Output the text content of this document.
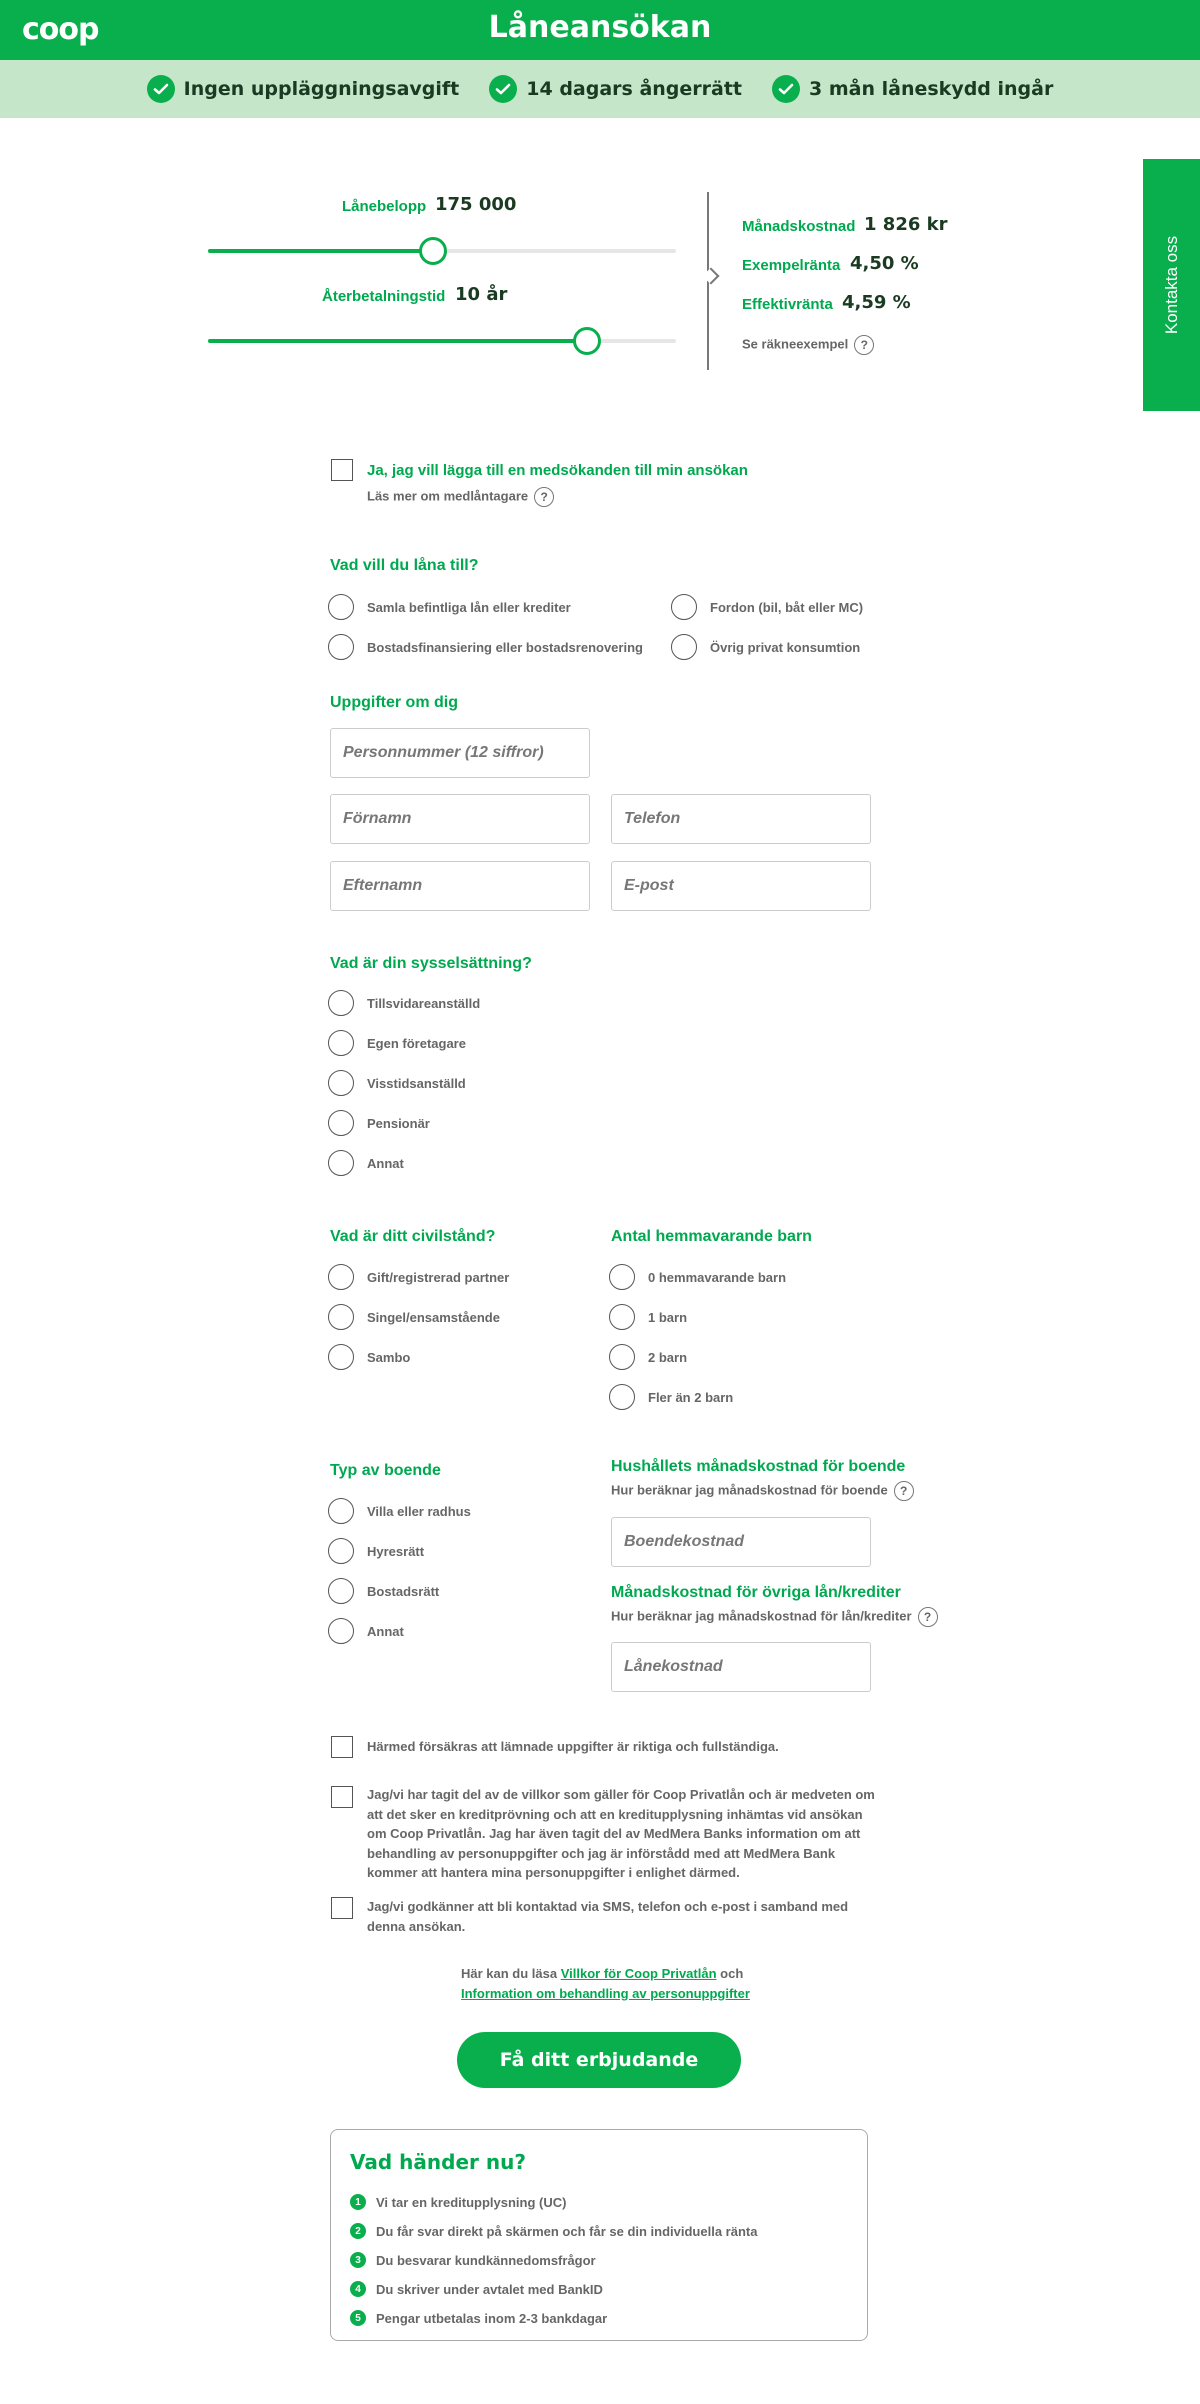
coop	Låneansökan
Ingen uppläggningsavgift	14 dagars ångerrätt	3 mån låneskydd ingår
Lånebelopp 175 000
Återbetalningstid 10 år
Månadskostnad 1 826 kr
Exempelränta 4,50 %
Effektivränta 4,59 %
Se räkneexempel ?
Kontakta oss
Ja, jag vill lägga till en medsökanden till min ansökan
Läs mer om medlåntagare ?
Vad vill du låna till?
Samla befintliga lån eller krediter	Fordon (bil, båt eller MC)
Bostadsfinansiering eller bostadsrenovering	Övrig privat konsumtion
Uppgifter om dig
Personnummer (12 siffror)
Förnamn
Telefon
Efternamn
E-post
Vad är din sysselsättning?
Tillsvidareanställd
Egen företagare
Visstidsanställd
Pensionär
Annat
Vad är ditt civilstånd?
Gift/registrerad partner
Singel/ensamstående
Sambo
Antal hemmavarande barn
0 hemmavarande barn
1 barn
2 barn
Fler än 2 barn
Typ av boende
Villa eller radhus
Hyresrätt
Bostadsrätt
Annat
Hushållets månadskostnad för boende
Hur beräknar jag månadskostnad för boende ?
Boendekostnad
Månadskostnad för övriga lån/krediter
Hur beräknar jag månadskostnad för lån/krediter ?
Lånekostnad
Härmed försäkras att lämnade uppgifter är riktiga och fullständiga.
Jag/vi har tagit del av de villkor som gäller för Coop Privatlån och är medveten om att det sker en kreditprövning och att en kreditupplysning inhämtas vid ansökan om Coop Privatlån. Jag har även tagit del av MedMera Banks information om att behandling av personuppgifter och jag är införstådd med att MedMera Bank kommer att hantera mina personuppgifter i enlighet därmed.
Jag/vi godkänner att bli kontaktad via SMS, telefon och e-post i samband med denna ansökan.
Här kan du läsa Villkor för Coop Privatlån och
Information om behandling av personuppgifter
Få ditt erbjudande
Vad händer nu?
1	Vi tar en kreditupplysning (UC)
2	Du får svar direkt på skärmen och får se din individuella ränta
3	Du besvarar kundkännedomsfrågor
4	Du skriver under avtalet med BankID
5	Pengar utbetalas inom 2-3 bankdagar
